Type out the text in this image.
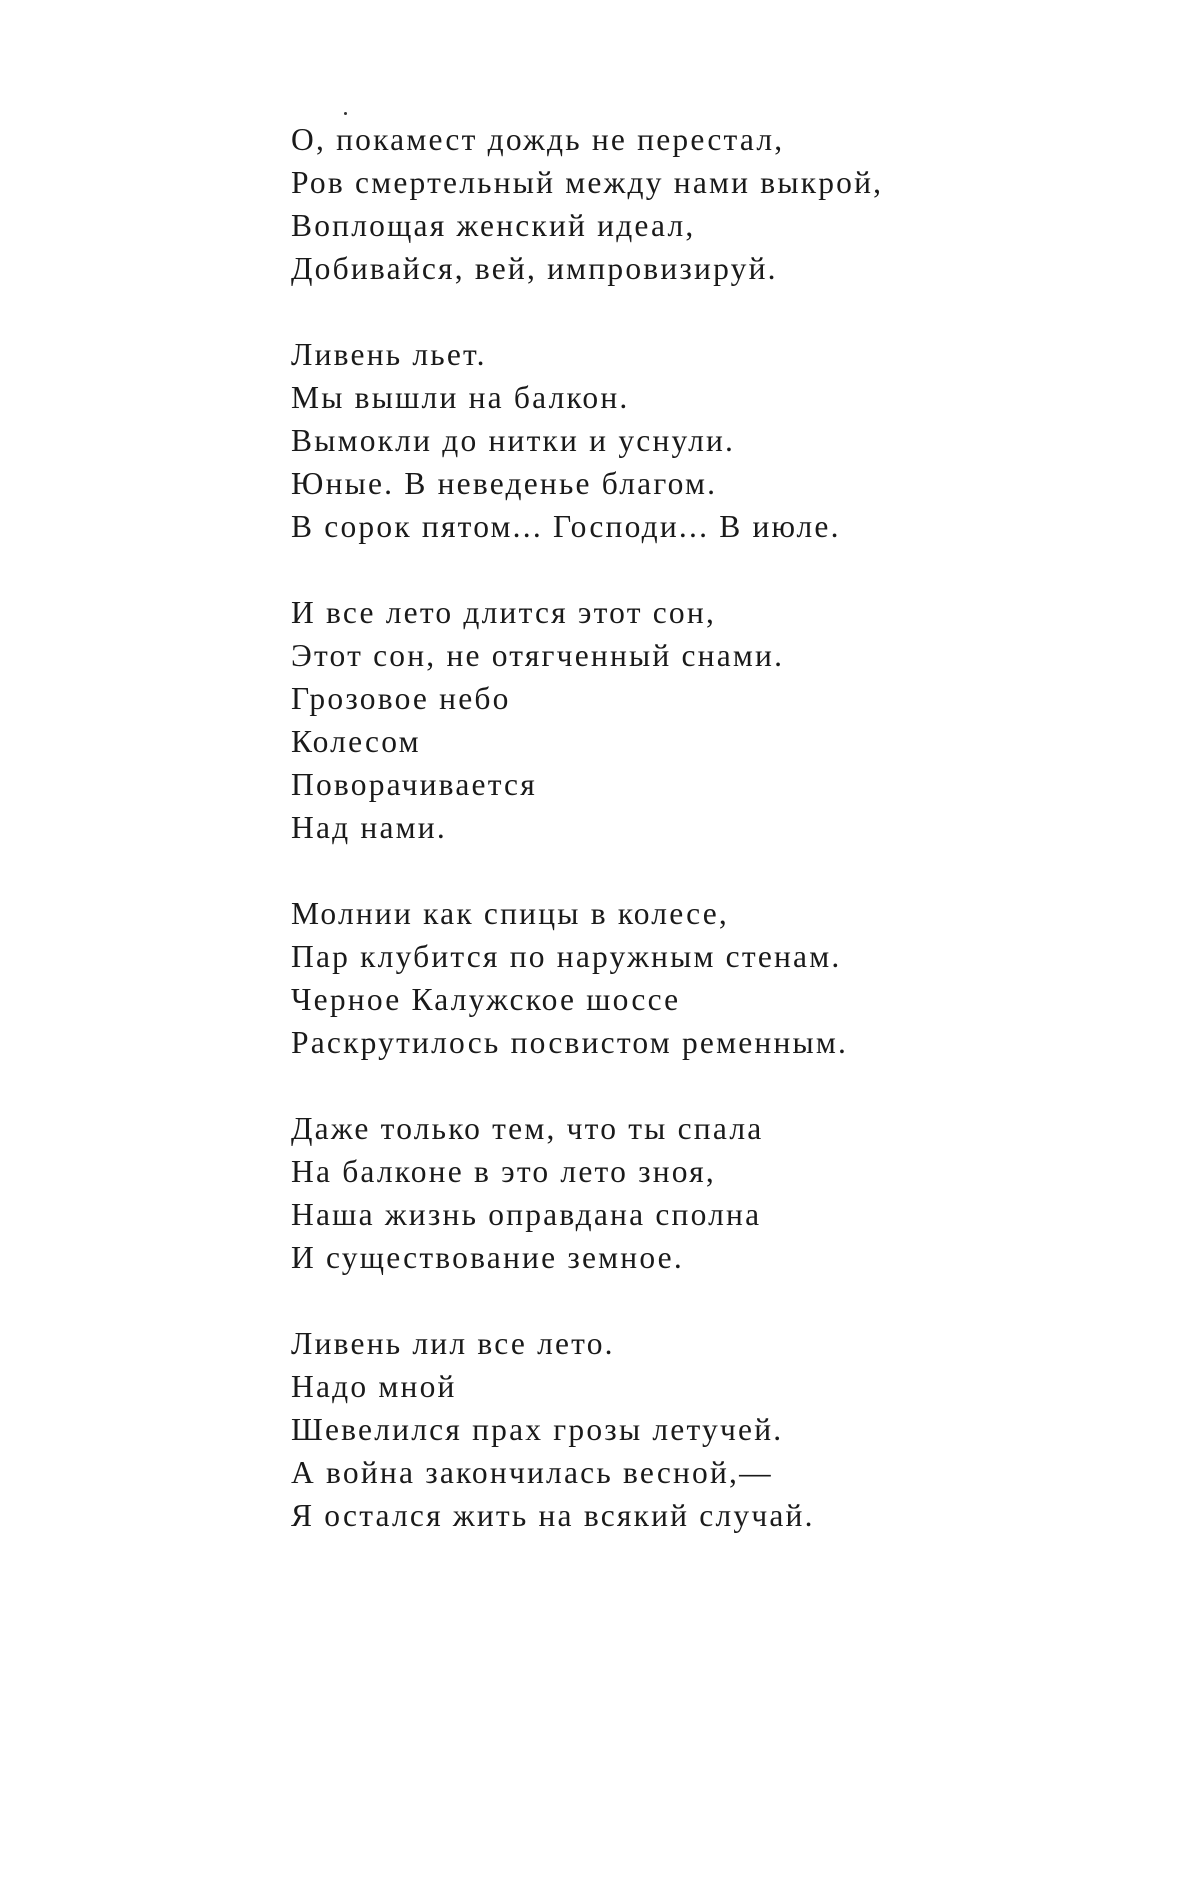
О, покамест дождь не перестал,
Ров смертельный между нами выкрой,
Воплощая женский идеал,
Добивайся, вей, импровизируй.
Ливень льет.
Мы вышли на балкон.
Вымокли до нитки и уснули.
Юные. В неведенье благом.
В сорок пятом... Господи... В июле.
И все лето длится этот сон,
Этот сон, не отягченный снами.
Грозовое небо
Колесом
Поворачивается
Над нами.
Молнии как спицы в колесе,
Пар клубится по наружным стенам.
Черное Калужское шоссе
Раскрутилось посвистом ременным.
Даже только тем, что ты спала
На балконе в это лето зноя,
Наша жизнь оправдана сполна
И существование земное.
Ливень лил все лето.
Надо мной
Шевелился прах грозы летучей.
А война закончилась весной,—
Я остался жить на всякий случай.
